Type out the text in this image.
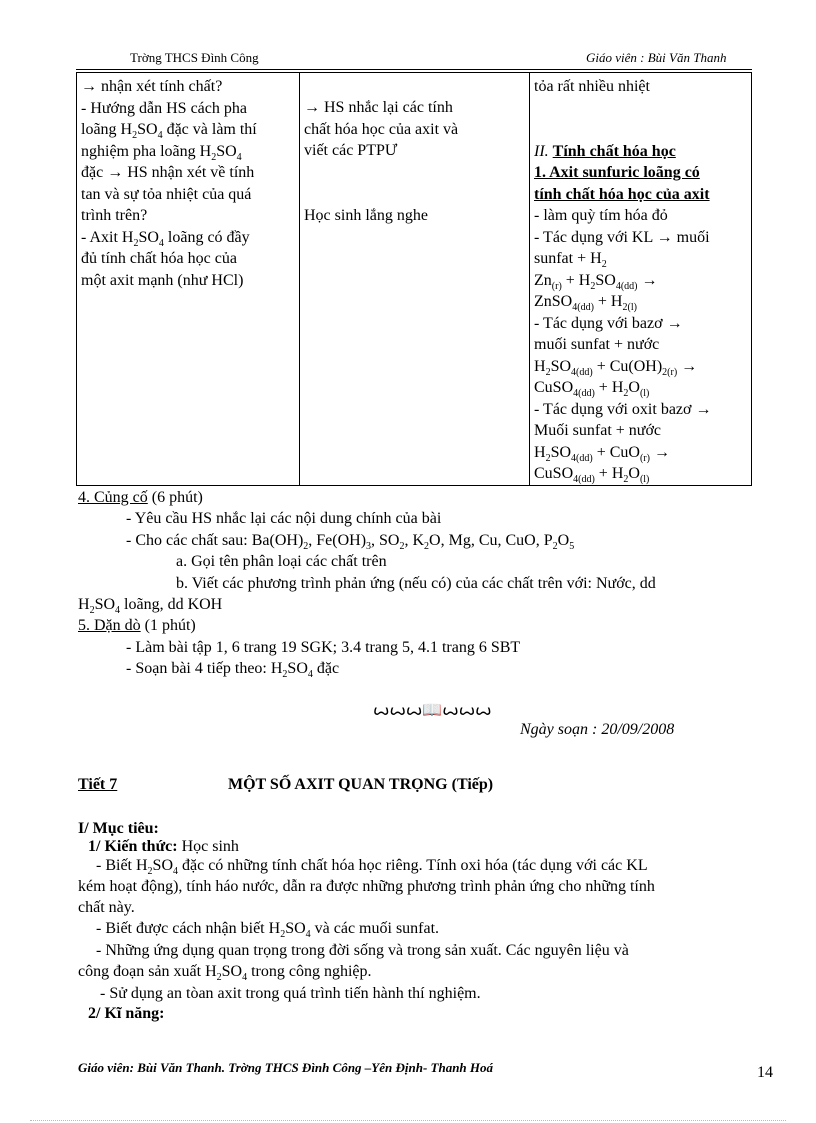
Trờng THCS Đình Công	Giáo viên : Bùi Văn Thanh
→ nhận xét tính chất?
- Hướng dẫn HS cách pha
loãng $H_2SO_4$ đặc và làm thí
nghiệm pha loãng $H_2SO_4$
đặc → HS nhận xét về tính
tan và sự tỏa nhiệt của quá
trình trên?
- Axit $H_2SO_4$ loãng có đầy
đủ tính chất hóa học của
một axit mạnh (như HCl)

→ HS nhắc lại các tính
chất hóa học của axit và
viết các PTPƯ
Học sinh lắng nghe

tỏa rất nhiều nhiệt
II. Tính chất hóa học
1. Axit sunfuric loãng có
tính chất hóa học của axit
- làm quỳ tím hóa đỏ
- Tác dụng với KL → muối
sunfat + $H_2$
$Zn_{(r)} + H_2SO_{4(dd)}$ →
ZnSO$_{4(dd)}$ + $H_{2(l)}$
- Tác dụng với bazơ →
muối sunfat + nước
$H_2SO_{4(dd)} + Cu(OH)_{2(r)}$ →
CuSO$_{4(dd)}$ + $H_2O_{(l)}$
- Tác dụng với oxit bazơ →
Muối sunfat + nước
$H_2SO_{4(dd)} + CuO_{(r)}$ →
CuSO$_{4(dd)}$ + $H_2O_{(l)}$
4. Củng cố (6 phút)
- Yêu cầu HS nhắc lại các nội dung chính của bài
- Cho các chất sau: $Ba(OH)_2$, $Fe(OH)_3$, $SO_2$, $K_2O$, Mg, Cu, CuO, $P_2O_5$
a. Gọi tên phân loại các chất trên
b. Viết các phương trình phản ứng (nếu có) của các chất trên với: Nước, dd
$H_2SO_4$ loãng, dd KOH
5. Dặn dò (1 phút)
- Làm bài tập 1, 6 trang 19 SGK; 3.4 trang 5, 4.1 trang 6 SBT
- Soạn bài 4 tiếp theo: $H_2SO_4$ đặc
ꙍꙍꙍ📖ꙍꙍꙍ
Ngày soạn : 20/09/2008
Tiết 7	MỘT SỐ AXIT QUAN TRỌNG (Tiếp)
I/ Mục tiêu:
1/ Kiến thức: Học sinh
- Biết $H_2SO_4$ đặc có những tính chất hóa học riêng. Tính oxi hóa (tác dụng với các KL
kém hoạt động), tính háo nước, dẫn ra được những phương trình phản ứng cho những tính
chất này.
- Biết được cách nhận biết $H_2SO_4$ và các muối sunfat.
- Những ứng dụng quan trọng trong đời sống và trong sản xuất. Các nguyên liệu và
công đoạn sản xuất $H_2SO_4$ trong công nghiệp.
- Sử dụng an tòan axit trong quá trình tiến hành thí nghiệm.
2/ Kĩ năng:
Giáo viên: Bùi Văn Thanh. Trờng THCS Đình Công –Yên Định- Thanh Hoá	14
